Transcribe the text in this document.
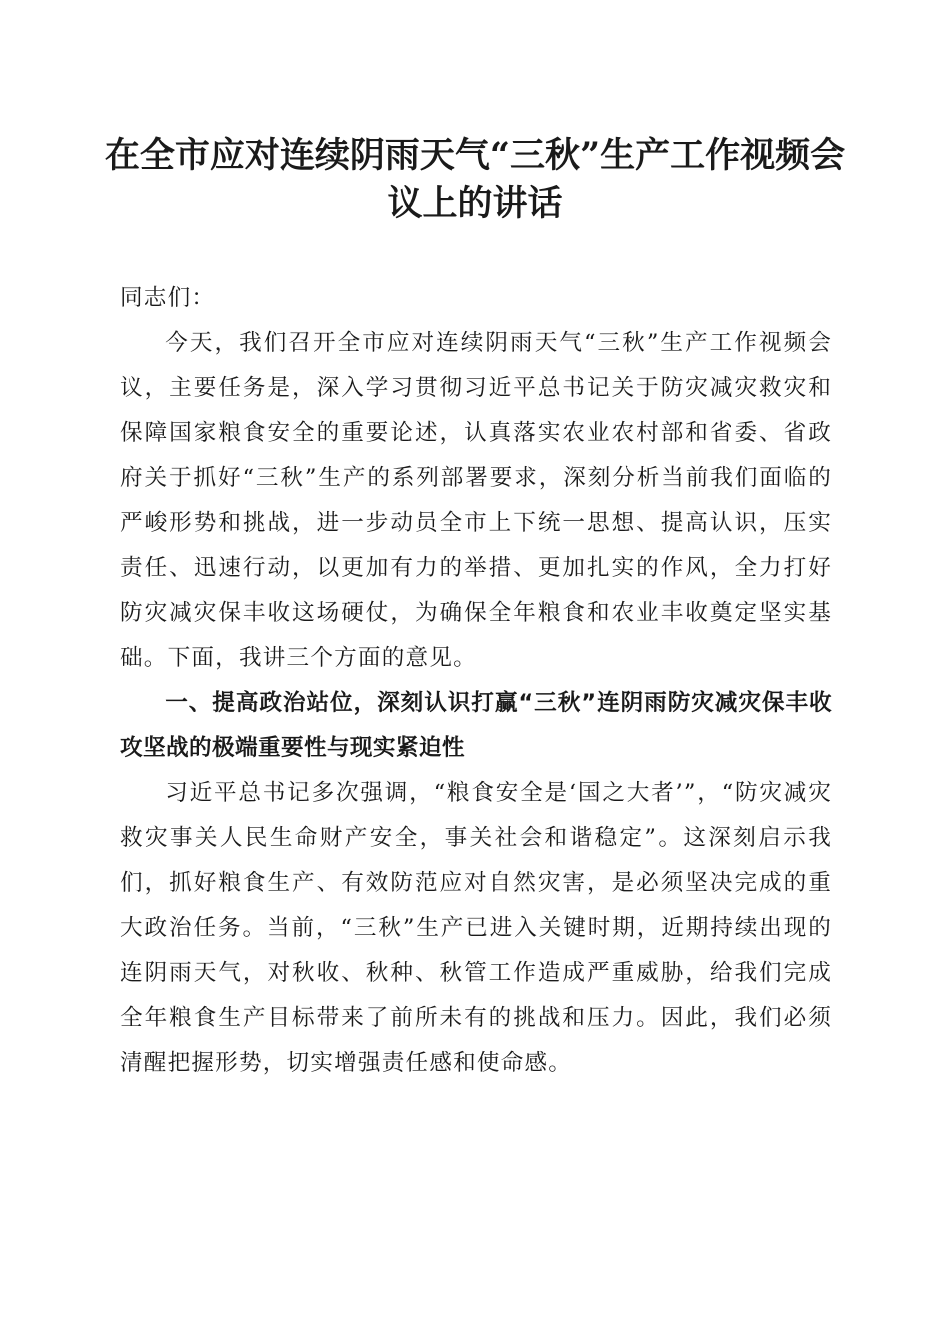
在全市应对连续阴雨天气“三秋”生产工作视频会议上的讲话

同志们：

今天，我们召开全市应对连续阴雨天气“三秋”生产工作视频会议，主要任务是，深入学习贯彻习近平总书记关于防灾减灾救灾和保障国家粮食安全的重要论述，认真落实农业农村部和省委、省政府关于抓好“三秋”生产的系列部署要求，深刻分析当前我们面临的严峻形势和挑战，进一步动员全市上下统一思想、提高认识，压实责任、迅速行动，以更加有力的举措、更加扎实的作风，全力打好防灾减灾保丰收这场硬仗，为确保全年粮食和农业丰收奠定坚实基础。下面，我讲三个方面的意见。

一、提高政治站位，深刻认识打赢“三秋”连阴雨防灾减灾保丰收攻坚战的极端重要性与现实紧迫性

习近平总书记多次强调，“粮食安全是‘国之大者’”，“防灾减灾救灾事关人民生命财产安全，事关社会和谐稳定”。这深刻启示我们，抓好粮食生产、有效防范应对自然灾害，是必须坚决完成的重大政治任务。当前，“三秋”生产已进入关键时期，近期持续出现的连阴雨天气，对秋收、秋种、秋管工作造成严重威胁，给我们完成全年粮食生产目标带来了前所未有的挑战和压力。因此，我们必须清醒把握形势，切实增强责任感和使命感。
